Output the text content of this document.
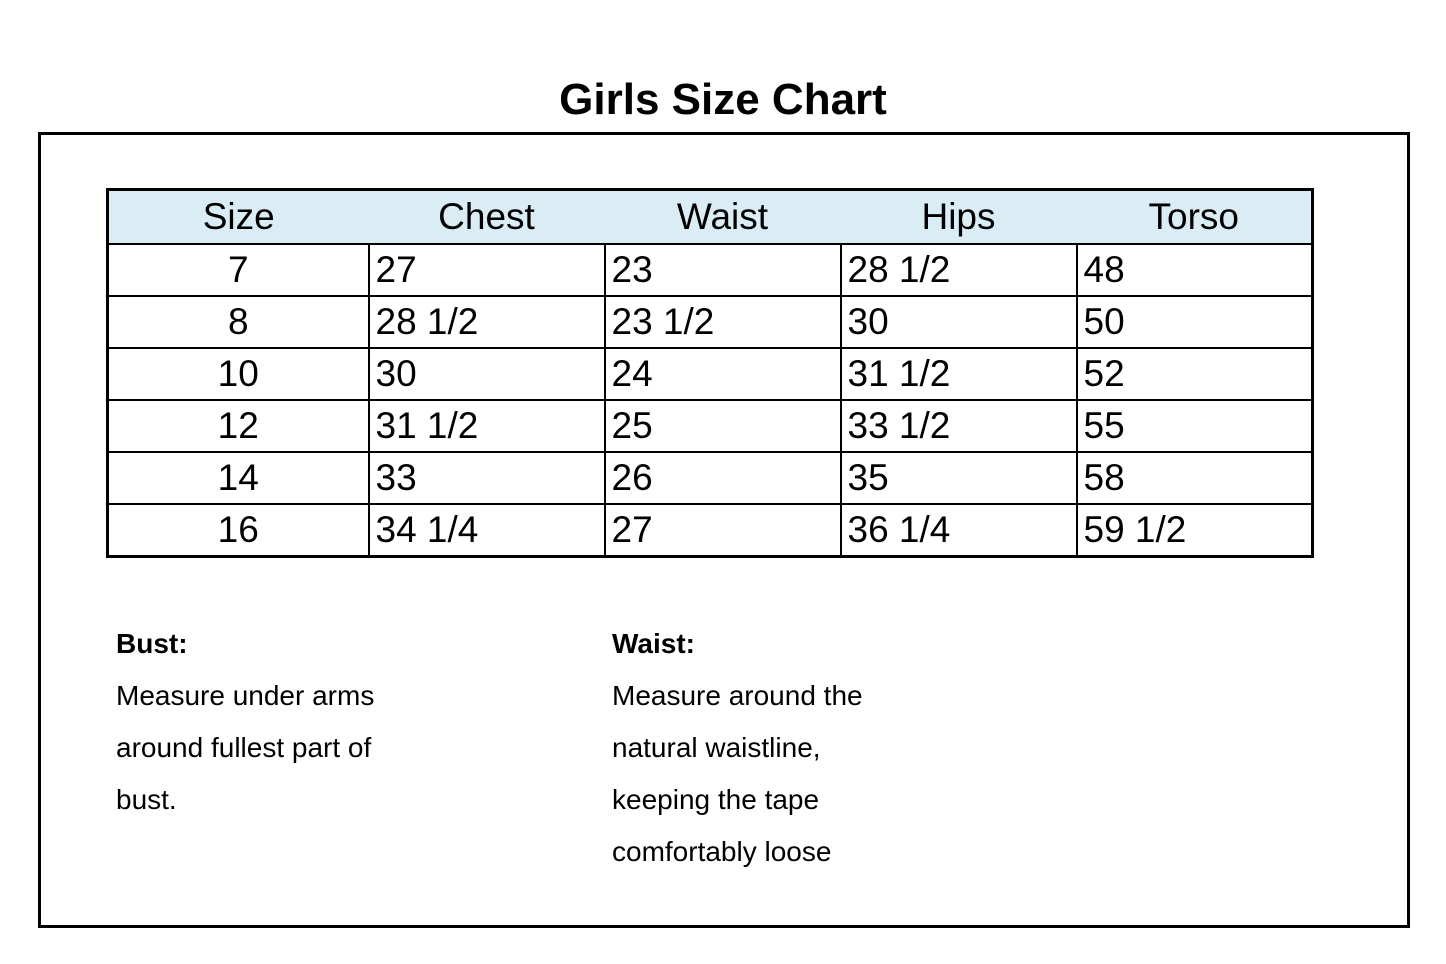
Girls Size Chart
Size	Chest	Waist	Hips	Torso
7	27	23	28 1/2	48
8	28 1/2	23 1/2	30	50
10	30	24	31 1/2	52
12	31 1/2	25	33 1/2	55
14	33	26	35	58
16	34 1/4	27	36 1/4	59 1/2
Bust:
Measure under arms
around fullest part of
bust.
Waist:
Measure around the
natural waistline,
keeping the tape
comfortably loose
